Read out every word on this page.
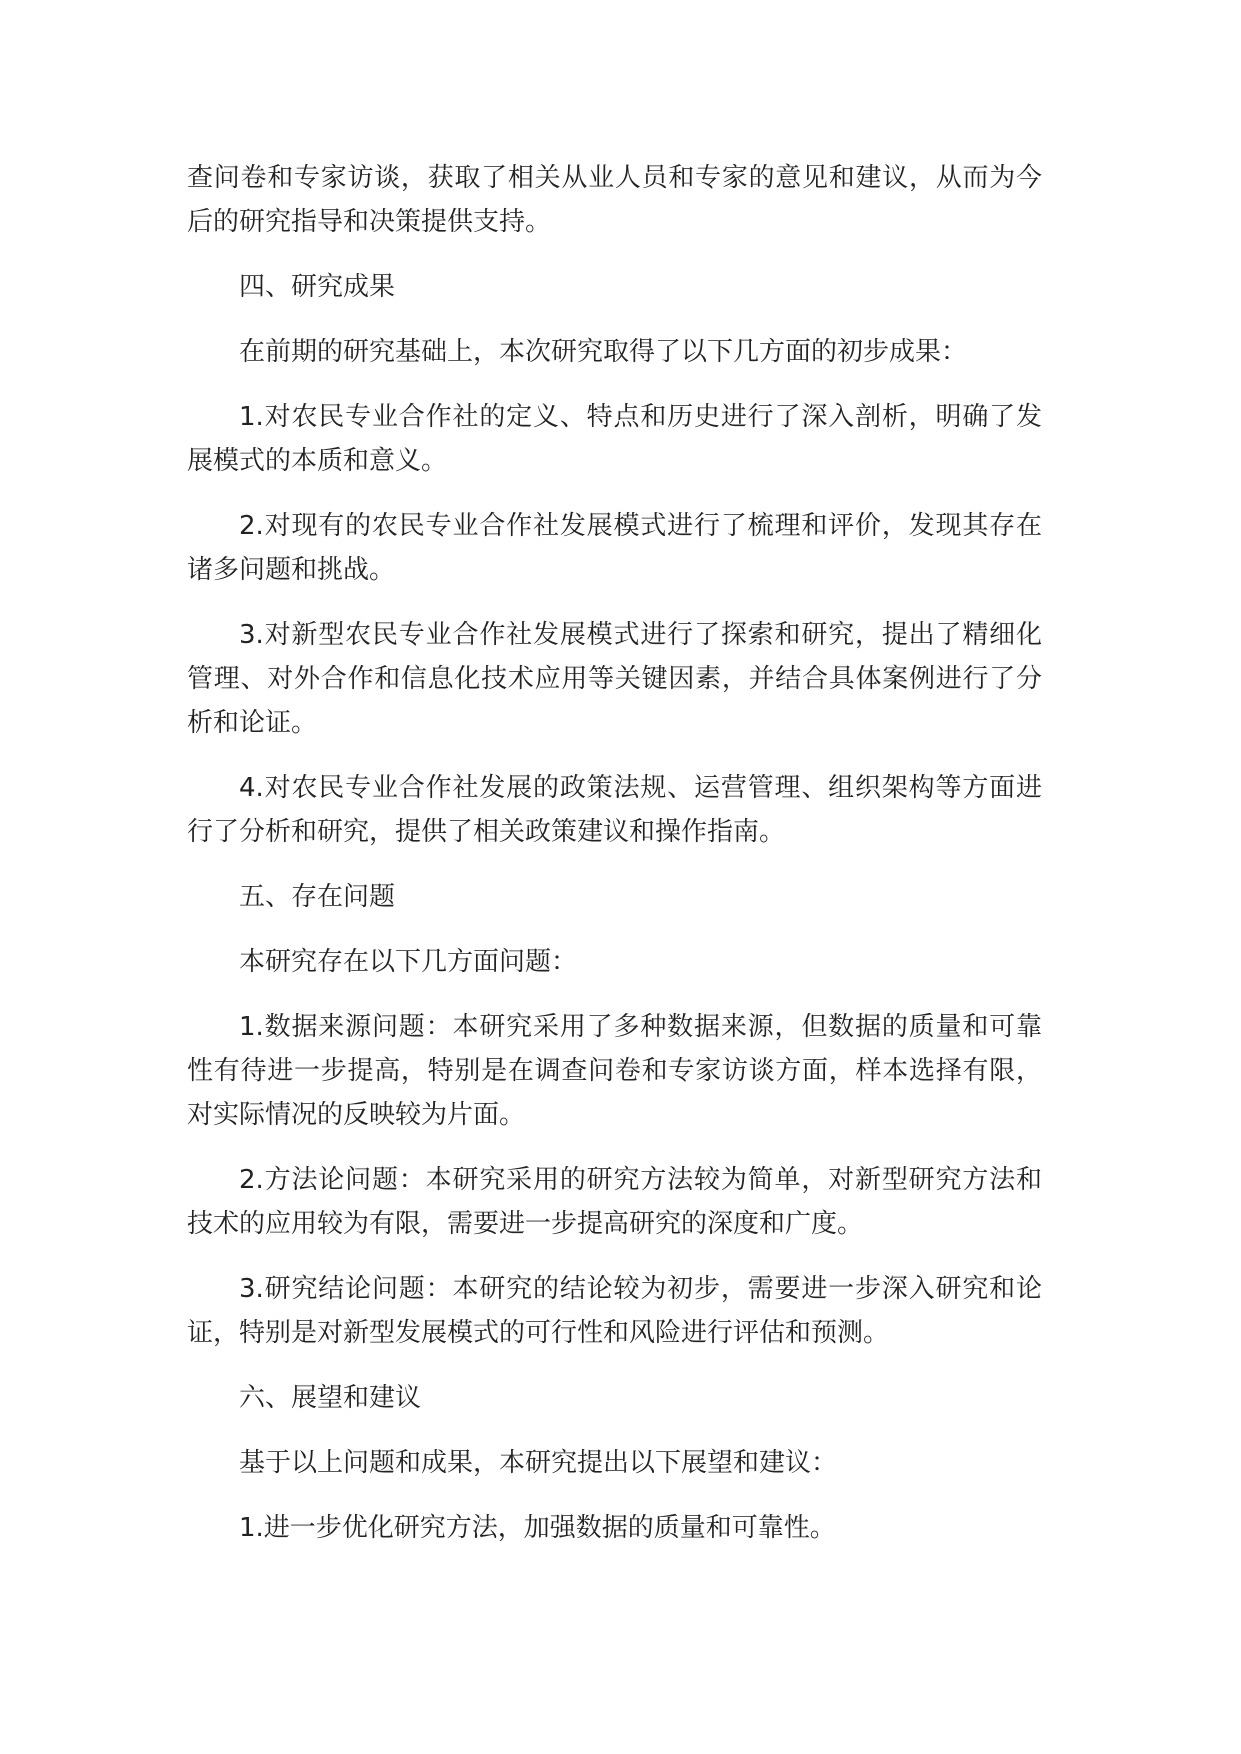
查问卷和专家访谈，获取了相关从业人员和专家的意见和建议，从而为今后的研究指导和决策提供支持。

四、研究成果

在前期的研究基础上，本次研究取得了以下几方面的初步成果：

1.对农民专业合作社的定义、特点和历史进行了深入剖析，明确了发展模式的本质和意义。

2.对现有的农民专业合作社发展模式进行了梳理和评价，发现其存在诸多问题和挑战。

3.对新型农民专业合作社发展模式进行了探索和研究，提出了精细化管理、对外合作和信息化技术应用等关键因素，并结合具体案例进行了分析和论证。

4.对农民专业合作社发展的政策法规、运营管理、组织架构等方面进行了分析和研究，提供了相关政策建议和操作指南。

五、存在问题

本研究存在以下几方面问题：

1.数据来源问题：本研究采用了多种数据来源，但数据的质量和可靠性有待进一步提高，特别是在调查问卷和专家访谈方面，样本选择有限，对实际情况的反映较为片面。

2.方法论问题：本研究采用的研究方法较为简单，对新型研究方法和技术的应用较为有限，需要进一步提高研究的深度和广度。

3.研究结论问题：本研究的结论较为初步，需要进一步深入研究和论证，特别是对新型发展模式的可行性和风险进行评估和预测。

六、展望和建议

基于以上问题和成果，本研究提出以下展望和建议：

1.进一步优化研究方法，加强数据的质量和可靠性。
